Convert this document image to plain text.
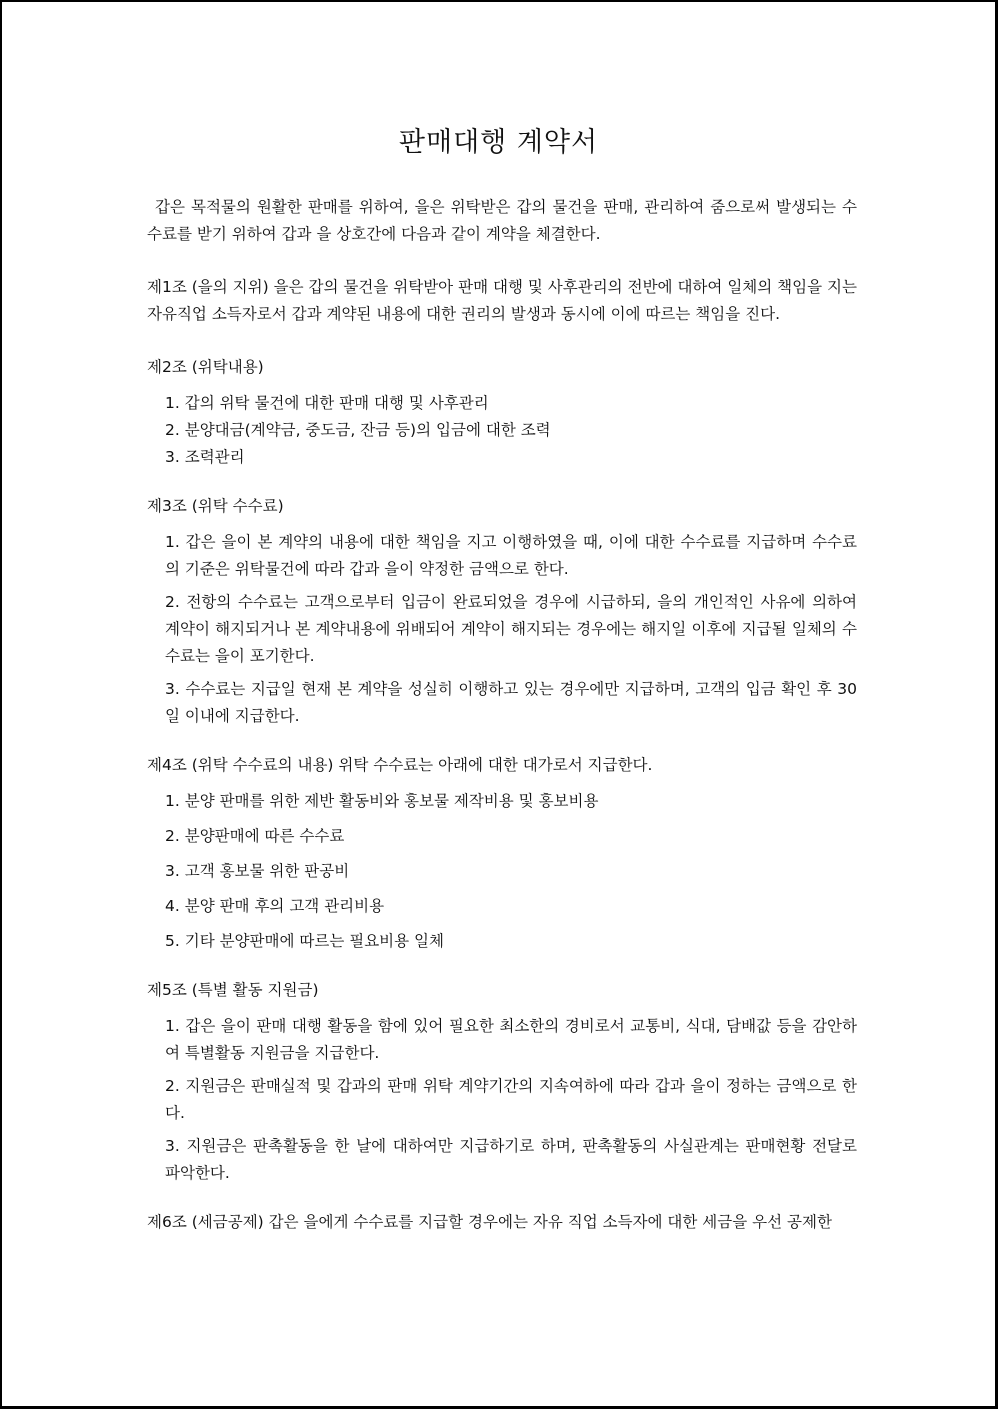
판매대행 계약서

갑은 목적물의 원활한 판매를 위하여, 을은 위탁받은 갑의 물건을 판매, 관리하여 줌으로써 발생되는 수수료를 받기 위하여 갑과 을 상호간에 다음과 같이 계약을 체결한다.

제1조 (을의 지위) 을은 갑의 물건을 위탁받아 판매 대행 및 사후관리의 전반에 대하여 일체의 책임을 지는 자유직업 소득자로서 갑과 계약된 내용에 대한 권리의 발생과 동시에 이에 따르는 책임을 진다.

제2조 (위탁내용)

1. 갑의 위탁 물건에 대한 판매 대행 및 사후관리
2. 분양대금(계약금, 중도금, 잔금 등)의 입금에 대한 조력
3. 조력관리

제3조 (위탁 수수료)

1. 갑은 을이 본 계약의 내용에 대한 책임을 지고 이행하였을 때, 이에 대한 수수료를 지급하며 수수료의 기준은 위탁물건에 따라 갑과 을이 약정한 금액으로 한다.
2. 전항의 수수료는 고객으로부터 입금이 완료되었을 경우에 시급하되, 을의 개인적인 사유에 의하여 계약이 해지되거나 본 계약내용에 위배되어 계약이 해지되는 경우에는 해지일 이후에 지급될 일체의 수수료는 을이 포기한다.
3. 수수료는 지급일 현재 본 계약을 성실히 이행하고 있는 경우에만 지급하며, 고객의 입금 확인 후 30일 이내에 지급한다.

제4조 (위탁 수수료의 내용) 위탁 수수료는 아래에 대한 대가로서 지급한다.

1. 분양 판매를 위한 제반 활동비와 홍보물 제작비용 및 홍보비용
2. 분양판매에 따른 수수료
3. 고객 홍보물 위한 판공비
4. 분양 판매 후의 고객 관리비용
5. 기타 분양판매에 따르는 필요비용 일체

제5조 (특별 활동 지원금)

1. 갑은 을이 판매 대행 활동을 함에 있어 필요한 최소한의 경비로서 교통비, 식대, 담배값 등을 감안하여 특별활동 지원금을 지급한다.
2. 지원금은 판매실적 및 갑과의 판매 위탁 계약기간의 지속여하에 따라 갑과 을이 정하는 금액으로 한다.
3. 지원금은 판촉활동을 한 날에 대하여만 지급하기로 하며, 판촉활동의 사실관계는 판매현황 전달로 파악한다.

제6조 (세금공제) 갑은 을에게 수수료를 지급할 경우에는 자유 직업 소득자에 대한 세금을 우선 공제한
